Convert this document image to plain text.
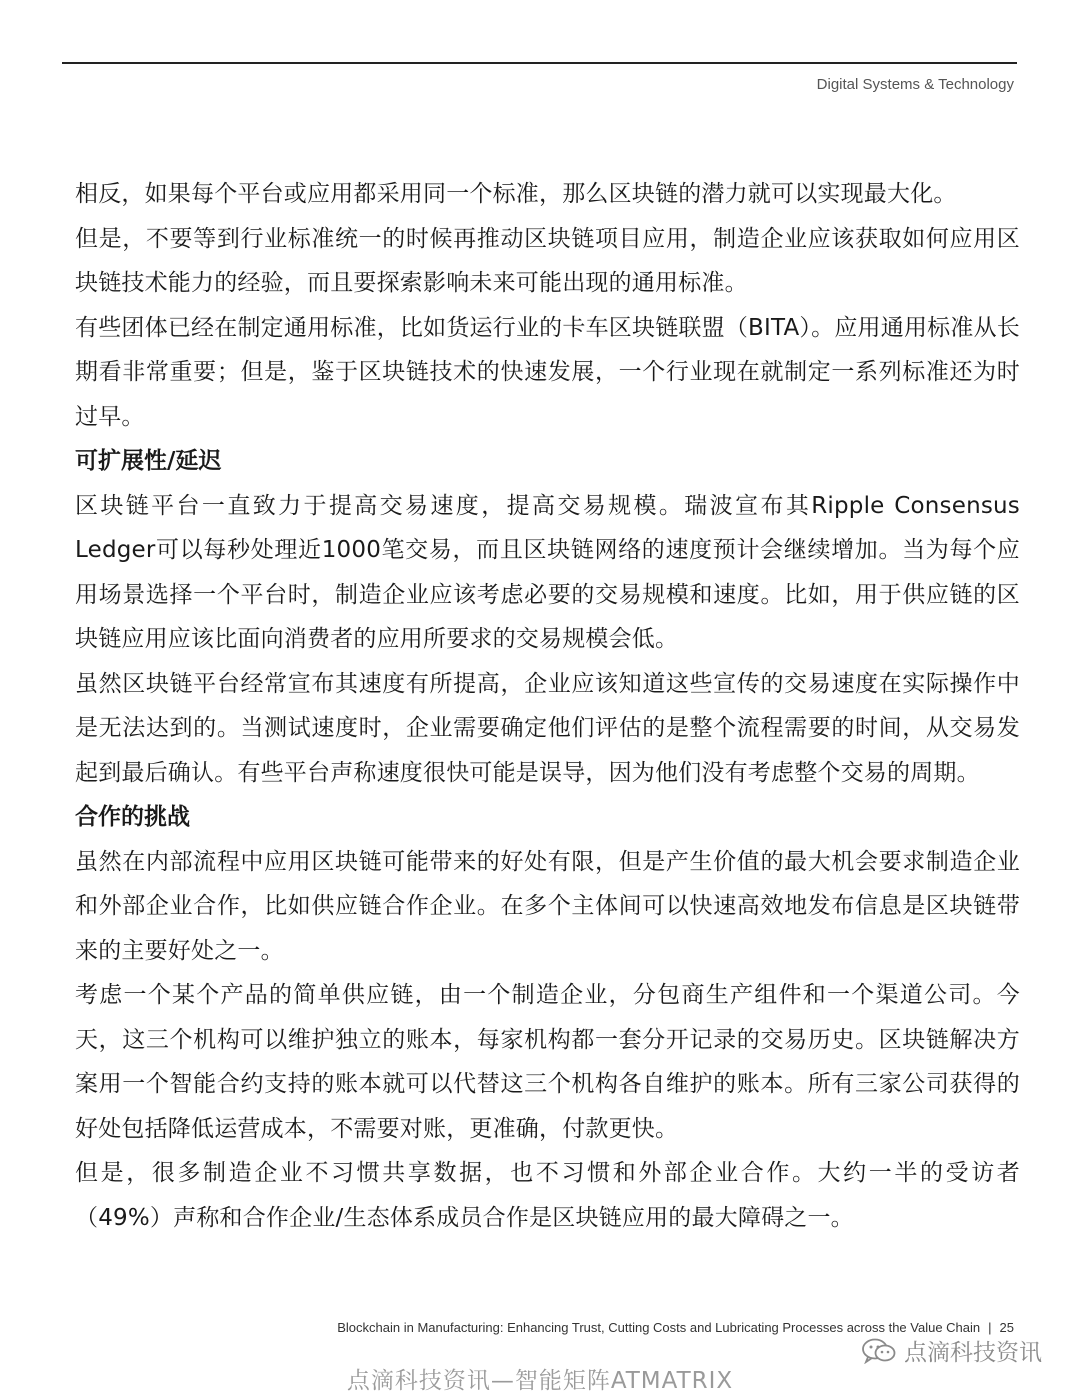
Digital Systems & Technology

相反，如果每个平台或应用都采用同一个标准，那么区块链的潜力就可以实现最大化。

但是，不要等到行业标准统一的时候再推动区块链项目应用，制造企业应该获取如何应用区块链技术能力的经验，而且要探索影响未来可能出现的通用标准。

有些团体已经在制定通用标准，比如货运行业的卡车区块链联盟（BITA）。应用通用标准从长期看非常重要；但是，鉴于区块链技术的快速发展，一个行业现在就制定一系列标准还为时过早。

可扩展性/延迟

区块链平台一直致力于提高交易速度，提高交易规模。瑞波宣布其Ripple Consensus Ledger可以每秒处理近1000笔交易，而且区块链网络的速度预计会继续增加。当为每个应用场景选择一个平台时，制造企业应该考虑必要的交易规模和速度。比如，用于供应链的区块链应用应该比面向消费者的应用所要求的交易规模会低。

虽然区块链平台经常宣布其速度有所提高，企业应该知道这些宣传的交易速度在实际操作中是无法达到的。当测试速度时，企业需要确定他们评估的是整个流程需要的时间，从交易发起到最后确认。有些平台声称速度很快可能是误导，因为他们没有考虑整个交易的周期。

合作的挑战

虽然在内部流程中应用区块链可能带来的好处有限，但是产生价值的最大机会要求制造企业和外部企业合作，比如供应链合作企业。在多个主体间可以快速高效地发布信息是区块链带来的主要好处之一。

考虑一个某个产品的简单供应链，由一个制造企业，分包商生产组件和一个渠道公司。今天，这三个机构可以维护独立的账本，每家机构都一套分开记录的交易历史。区块链解决方案用一个智能合约支持的账本就可以代替这三个机构各自维护的账本。所有三家公司获得的好处包括降低运营成本，不需要对账，更准确，付款更快。

但是，很多制造企业不习惯共享数据，也不习惯和外部企业合作。大约一半的受访者（49%）声称和合作企业/生态体系成员合作是区块链应用的最大障碍之一。

Blockchain in Manufacturing: Enhancing Trust, Cutting Costs and Lubricating Processes across the Value Chain | 25
点滴科技资讯
点滴科技资讯—智能矩阵ATMATRIX
